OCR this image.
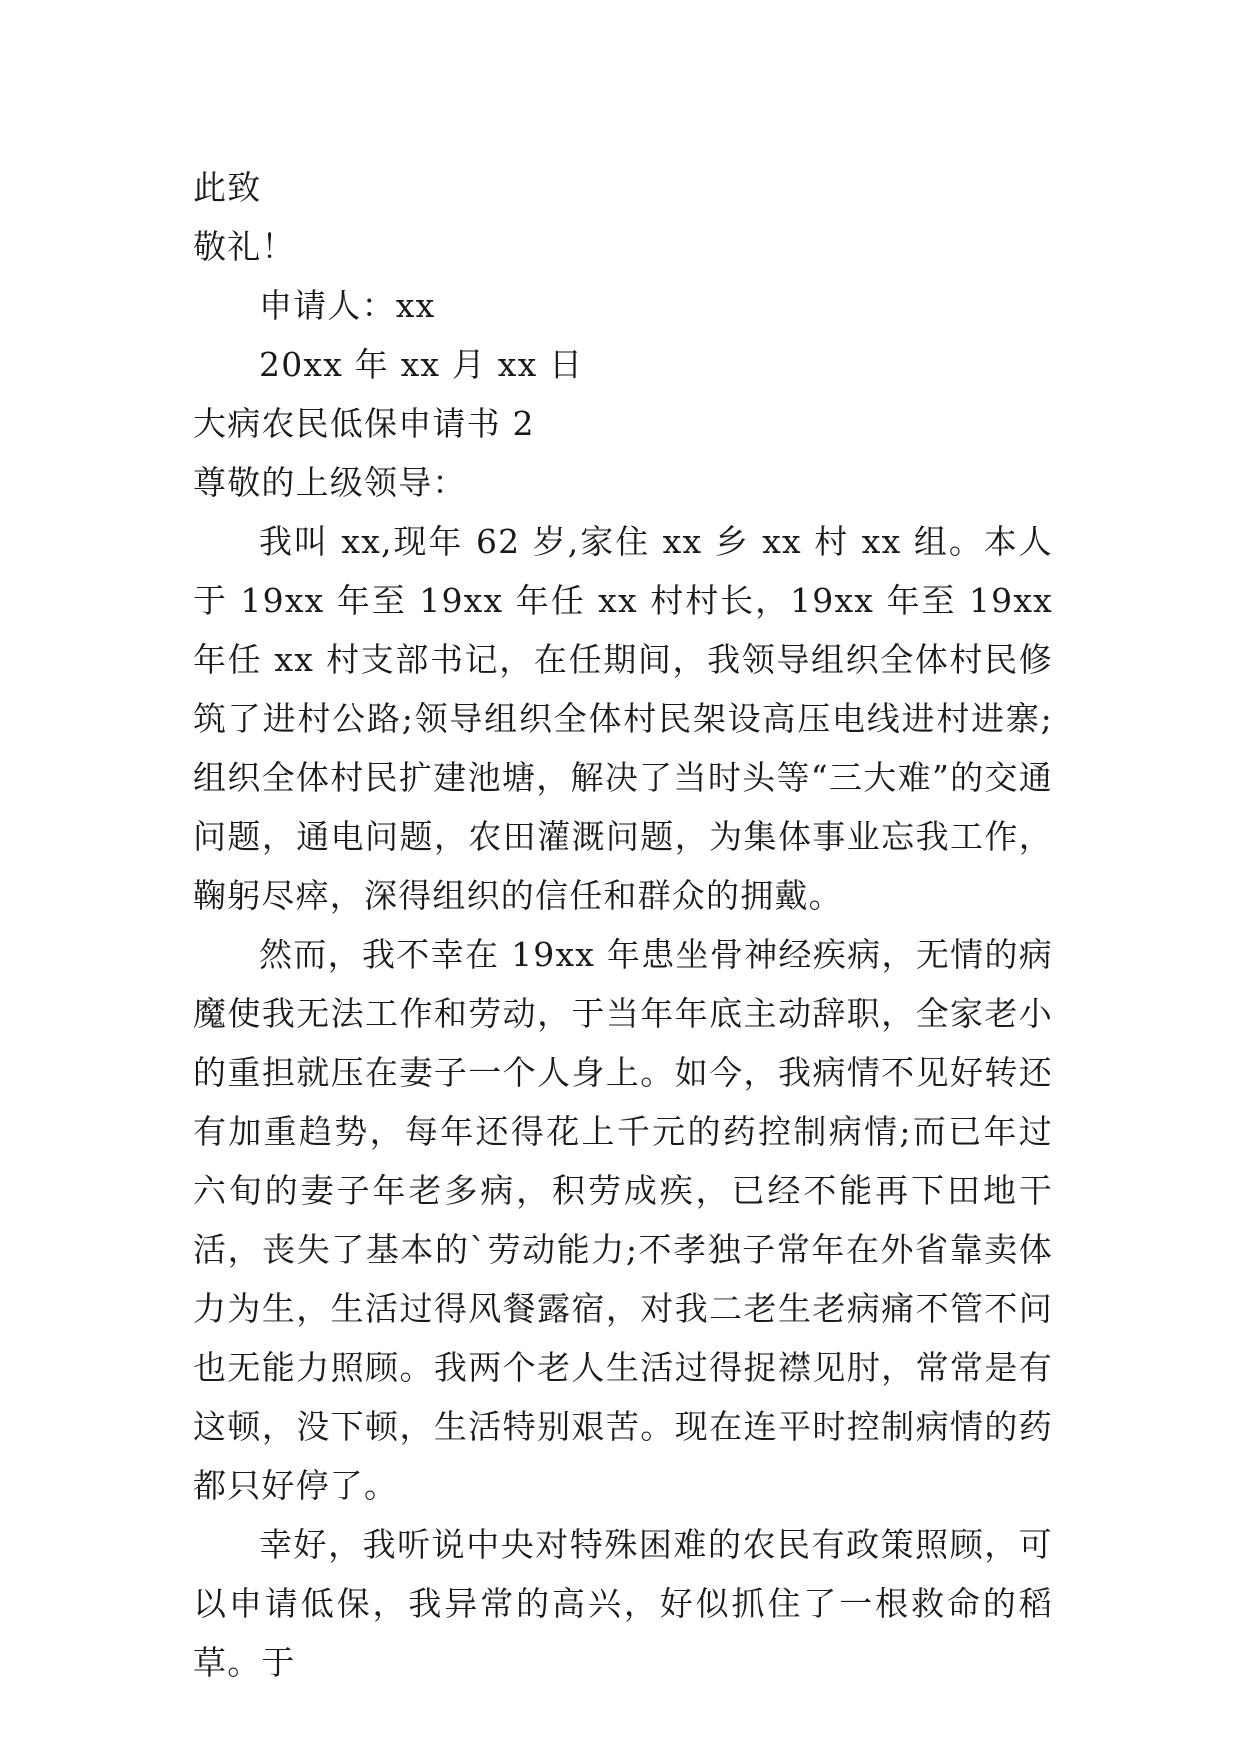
此致

敬礼！

申请人：xx

20xx 年 xx 月 xx 日

大病农民低保申请书 2

尊敬的上级领导：

我叫 xx,现年 62 岁,家住 xx 乡 xx 村 xx 组。本人于 19xx 年至 19xx 年任 xx 村村长，19xx 年至 19xx 年任 xx 村支部书记，在任期间，我领导组织全体村民修筑了进村公路;领导组织全体村民架设高压电线进村进寨;组织全体村民扩建池塘，解决了当时头等“三大难”的交通问题，通电问题，农田灌溉问题，为集体事业忘我工作，鞠躬尽瘁，深得组织的信任和群众的拥戴。

然而，我不幸在 19xx 年患坐骨神经疾病，无情的病魔使我无法工作和劳动，于当年年底主动辞职，全家老小的重担就压在妻子一个人身上。如今，我病情不见好转还有加重趋势，每年还得花上千元的药控制病情;而已年过六旬的妻子年老多病，积劳成疾，已经不能再下田地干活，丧失了基本的`劳动能力;不孝独子常年在外省靠卖体力为生，生活过得风餐露宿，对我二老生老病痛不管不问也无能力照顾。我两个老人生活过得捉襟见肘，常常是有这顿，没下顿，生活特别艰苦。现在连平时控制病情的药都只好停了。

幸好，我听说中央对特殊困难的农民有政策照顾，可以申请低保，我异常的高兴，好似抓住了一根救命的稻草。于
